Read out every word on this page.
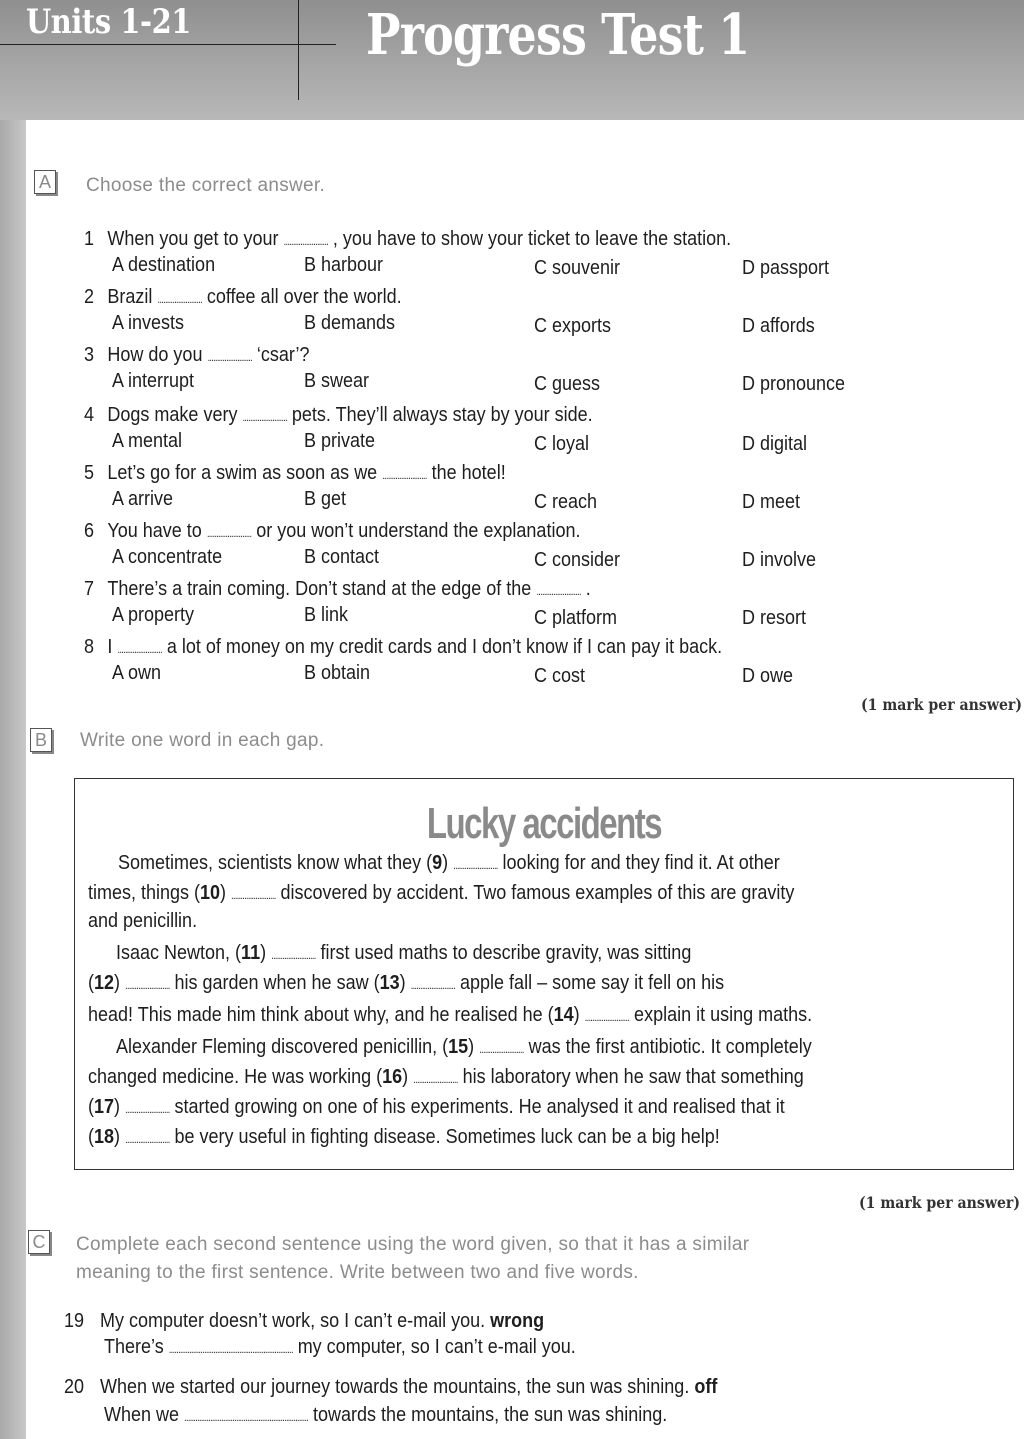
Units 1-21	Progress Test 1
A Choose the correct answer.
1 When you get to your ........................ , you have to show your ticket to leave the station.
A destination	B harbour	C souvenir	D passport
2 Brazil ........................ coffee all over the world.
A invests	B demands	C exports	D affords
3 How do you ........................ ‘csar’?
A interrupt	B swear	C guess	D pronounce
4 Dogs make very ........................ pets. They’ll always stay by your side.
A mental	B private	C loyal	D digital
5 Let’s go for a swim as soon as we ........................ the hotel!
A arrive	B get	C reach	D meet
6 You have to ........................ or you won’t understand the explanation.
A concentrate	B contact	C consider	D involve
7 There’s a train coming. Don’t stand at the edge of the ........................ .
A property	B link	C platform	D resort
8 I ........................ a lot of money on my credit cards and I don’t know if I can pay it back.
A own	B obtain	C cost	D owe
(1 mark per answer)
B Write one word in each gap.
Lucky accidents
Sometimes, scientists know what they (9) ........................ looking for and they find it. At other
times, things (10) ........................ discovered by accident. Two famous examples of this are gravity
and penicillin.
Isaac Newton, (11) ........................ first used maths to describe gravity, was sitting
(12) ........................ his garden when he saw (13) ........................ apple fall – some say it fell on his
head! This made him think about why, and he realised he (14) ........................ explain it using maths.
Alexander Fleming discovered penicillin, (15) ........................ was the first antibiotic. It completely
changed medicine. He was working (16) ........................ his laboratory when he saw that something
(17) ........................ started growing on one of his experiments. He analysed it and realised that it
(18) ........................ be very useful in fighting disease. Sometimes luck can be a big help!
(1 mark per answer)
C Complete each second sentence using the word given, so that it has a similar
meaning to the first sentence. Write between two and five words.
19 My computer doesn’t work, so I can’t e-mail you. wrong
There’s ................................................................... my computer, so I can’t e-mail you.
20 When we started our journey towards the mountains, the sun was shining. off
When we ................................................................... towards the mountains, the sun was shining.
